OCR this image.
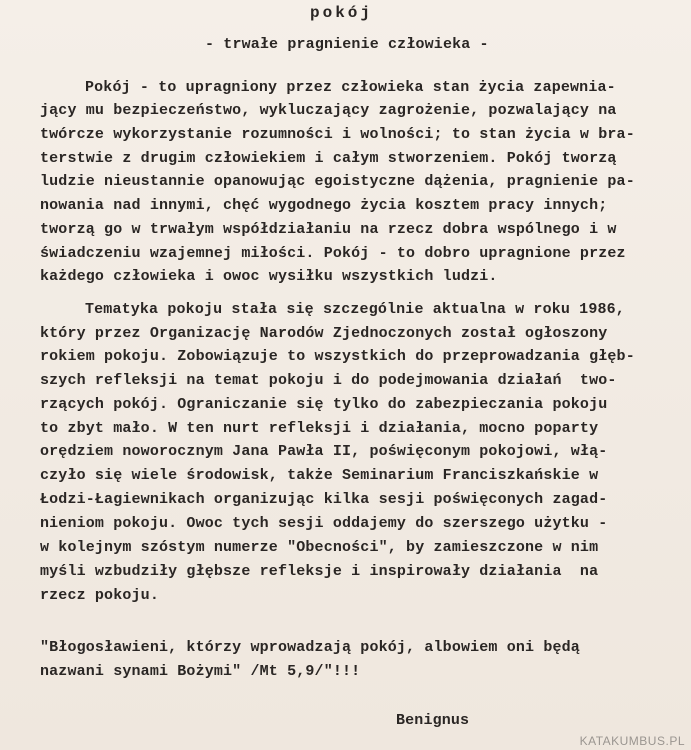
pokój
- trwałe pragnienie człowieka -
Pokój - to upragniony przez człowieka stan życia zapewnia-
jący mu bezpieczeństwo, wykluczający zagrożenie, pozwalający na
twórcze wykorzystanie rozumności i wolności; to stan życia w bra-
terstwie z drugim człowiekiem i całym stworzeniem. Pokój tworzą
ludzie nieustannie opanowując egoistyczne dążenia, pragnienie pa-
nowania nad innymi, chęć wygodnego życia kosztem pracy innych;
tworzą go w trwałym współdziałaniu na rzecz dobra wspólnego i w
świadczeniu wzajemnej miłości. Pokój - to dobro upragnione przez
każdego człowieka i owoc wysiłku wszystkich ludzi.
Tematyka pokoju stała się szczególnie aktualna w roku 1986,
który przez Organizację Narodów Zjednoczonych został ogłoszony
rokiem pokoju. Zobowiązuje to wszystkich do przeprowadzania głęb-
szych refleksji na temat pokoju i do podejmowania działań  two-
rzących pokój. Ograniczanie się tylko do zabezpieczania pokoju
to zbyt mało. W ten nurt refleksji i działania, mocno poparty
orędziem noworocznym Jana Pawła II, poświęconym pokojowi, włą-
czyło się wiele środowisk, także Seminarium Franciszkańskie w
Łodzi-Łagiewnikach organizując kilka sesji poświęconych zagad-
nieniom pokoju. Owoc tych sesji oddajemy do szerszego użytku -
w kolejnym szóstym numerze "Obecności", by zamieszczone w nim
myśli wzbudziły głębsze refleksje i inspirowały działania  na
rzecz pokoju.
"Błogosławieni, którzy wprowadzają pokój, albowiem oni będą
nazwani synami Bożymi" /Mt 5,9/"!!!
Benignus
KATAKUMBUS.PL
